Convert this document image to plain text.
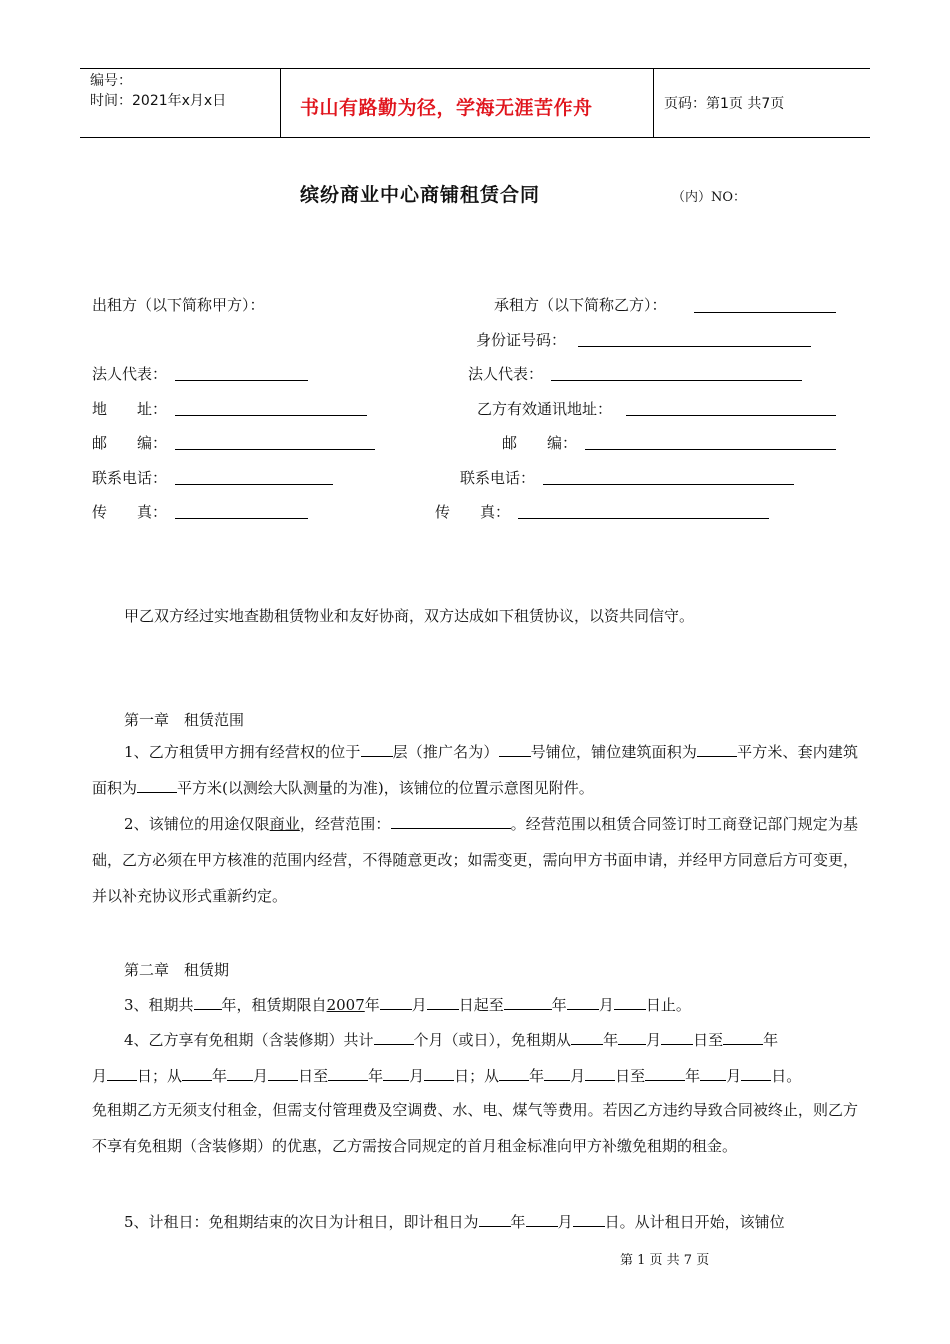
编号：
时间：2021年x月x日	书山有路勤为径，学海无涯苦作舟	页码：第1页 共7页
缤纷商业中心商铺租赁合同	（内）NO：
出租方（以下简称甲方）：	承租方（以下简称乙方）：
身份证号码：
法人代表：	法人代表：
地　　址：	乙方有效通讯地址：
邮　　编：	邮　　编：
联系电话：	联系电话：
传　　真：	传　　真：
甲乙双方经过实地查勘租赁物业和友好协商，双方达成如下租赁协议，以资共同信守。
第一章　租赁范围
1、乙方租赁甲方拥有经营权的位于 层（推广名为） 号铺位，铺位建筑面积为	平方米、套内建筑面积为	平方米(以测绘大队测量的为准)，该铺位的位置示意图见附件。
2、该铺位的用途仅限商业，经营范围：	。经营范围以租赁合同签订时工商登记部门规定为基础，乙方必须在甲方核准的范围内经营，不得随意更改；如需变更，需向甲方书面申请，并经甲方同意后方可变更，并以补充协议形式重新约定。
第二章　租赁期
3、租期共 年，租赁期限自2007年 月 日起至	年 月 日止。
4、乙方享有免租期（含装修期）共计	个月（或日），免租期从 年 月 日至	年
月 日；从 年 月 日至	年 月 日；从 年 月 日至	年 月 日。
免租期乙方无须支付租金，但需支付管理费及空调费、水、电、煤气等费用。若因乙方违约导致合同被终止，则乙方不享有免租期（含装修期）的优惠，乙方需按合同规定的首月租金标准向甲方补缴免租期的租金。
5、计租日：免租期结束的次日为计租日，即计租日为 年 月 日。从计租日开始，该铺位
第 1 页 共 7 页
